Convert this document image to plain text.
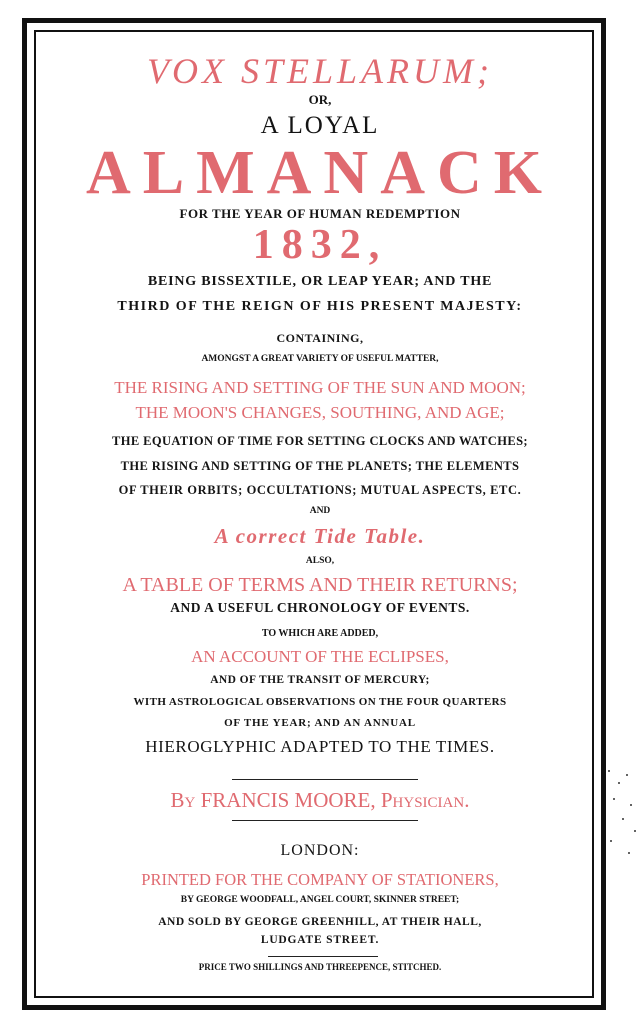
VOX STELLARUM;
OR,
A LOYAL
ALMANACK
FOR THE YEAR OF HUMAN REDEMPTION
1832,
BEING BISSEXTILE, OR LEAP YEAR; AND THE
THIRD OF THE REIGN OF HIS PRESENT MAJESTY:
CONTAINING,
AMONGST A GREAT VARIETY OF USEFUL MATTER,
THE RISING AND SETTING OF THE SUN AND MOON;
THE MOON'S CHANGES, SOUTHING, AND AGE;
THE EQUATION OF TIME FOR SETTING CLOCKS AND WATCHES;
THE RISING AND SETTING OF THE PLANETS; THE ELEMENTS
OF THEIR ORBITS; OCCULTATIONS; MUTUAL ASPECTS, ETC.
AND
A correct Tide Table.
ALSO,
A TABLE OF TERMS AND THEIR RETURNS;
AND A USEFUL CHRONOLOGY OF EVENTS.
TO WHICH ARE ADDED,
AN ACCOUNT OF THE ECLIPSES,
AND OF THE TRANSIT OF MERCURY;
WITH ASTROLOGICAL OBSERVATIONS ON THE FOUR QUARTERS
OF THE YEAR; AND AN ANNUAL
HIEROGLYPHIC ADAPTED TO THE TIMES.
By FRANCIS MOORE, Physician.
LONDON:
PRINTED FOR THE COMPANY OF STATIONERS,
BY GEORGE WOODFALL, ANGEL COURT, SKINNER STREET;
AND SOLD BY GEORGE GREENHILL, AT THEIR HALL,
LUDGATE STREET.
PRICE TWO SHILLINGS AND THREEPENCE, STITCHED.
